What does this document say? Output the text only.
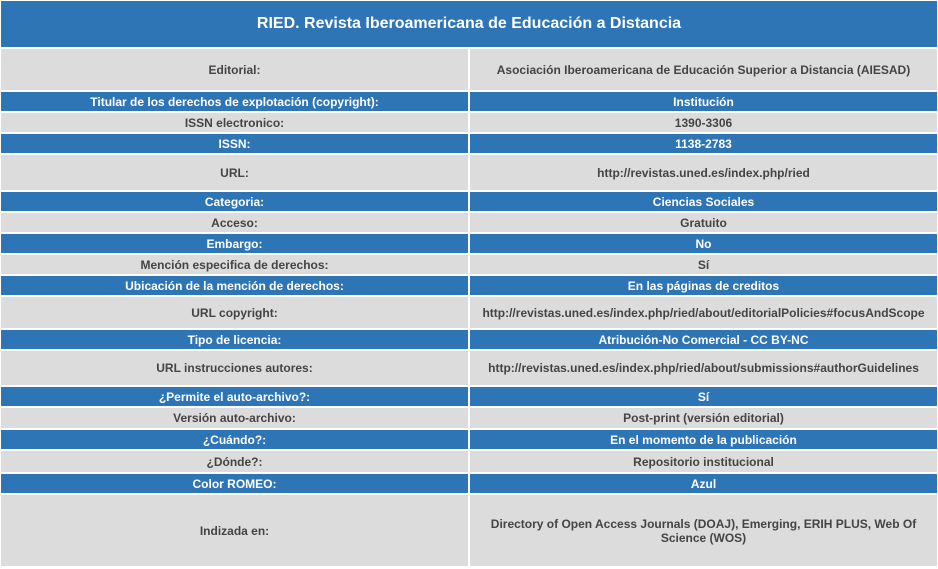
RIED. Revista Iberoamericana de Educación a Distancia	
Editorial:	Asociación Iberoamericana de Educación Superior a Distancia (AIESAD)
Titular de los derechos de explotación (copyright):	Institución
ISSN electronico:	1390-3306
ISSN:	1138-2783
URL:	http://revistas.uned.es/index.php/ried
Categoria:	Ciencias Sociales
Acceso:	Gratuito
Embargo:	No
Mención especifica de derechos:	Sí
Ubicación de la mención de derechos:	En las páginas de creditos
URL copyright:	http://revistas.uned.es/index.php/ried/about/editorialPolicies#focusAndScope
Tipo de licencia:	Atribución-No Comercial - CC BY-NC
URL instrucciones autores:	http://revistas.uned.es/index.php/ried/about/submissions#authorGuidelines
¿Permite el auto-archivo?:	Sí
Versión auto-archivo:	Post-print (versión editorial)
¿Cuándo?:	En el momento de la publicación
¿Dónde?:	Repositorio institucional
Color ROMEO:	Azul
Indizada en:	Directory of Open Access Journals (DOAJ), Emerging, ERIH PLUS, Web Of Science (WOS)
